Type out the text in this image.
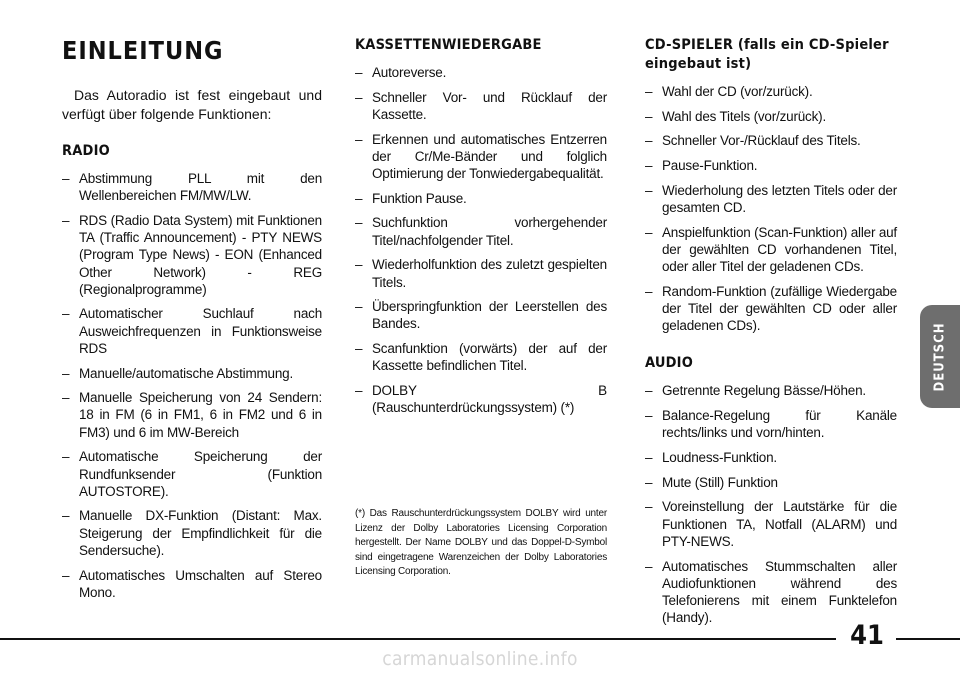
EINLEITUNG

Das Autoradio ist fest eingebaut und verfügt über folgende Funktionen:

RADIO
– Abstimmung PLL mit den Wellenbereichen FM/MW/LW.
– RDS (Radio Data System) mit Funktionen TA (Traffic Announcement) - PTY NEWS (Program Type News) - EON (Enhanced Other Network) - REG (Regionalprogramme)
– Automatischer Suchlauf nach Ausweichfrequenzen in Funktionsweise RDS
– Manuelle/automatische Abstimmung.
– Manuelle Speicherung von 24 Sendern: 18 in FM (6 in FM1, 6 in FM2 und 6 in FM3) und 6 im MW-Bereich
– Automatische Speicherung der Rundfunksender (Funktion AUTOSTORE).
– Manuelle DX-Funktion (Distant: Max. Steigerung der Empfindlichkeit für die Sendersuche).
– Automatisches Umschalten auf Stereo Mono.
KASSETTENWIEDERGABE
– Autoreverse.
– Schneller Vor- und Rücklauf der Kassette.
– Erkennen und automatisches Entzerren der Cr/Me-Bänder und folglich Optimierung der Tonwiedergabequalität.
– Funktion Pause.
– Suchfunktion vorhergehender Titel/nachfolgender Titel.
– Wiederholfunktion des zuletzt gespielten Titels.
– Überspringfunktion der Leerstellen des Bandes.
– Scanfunktion (vorwärts) der auf der Kassette befindlichen Titel.
– DOLBY B (Rauschunterdrückungssystem) (*)
(*) Das Rauschunterdrückungssystem DOLBY wird unter Lizenz der Dolby Laboratories Licensing Corporation hergestellt. Der Name DOLBY und das Doppel-D-Symbol sind eingetragene Warenzeichen der Dolby Laboratories Licensing Corporation.
CD-SPIELER (falls ein CD-Spieler eingebaut ist)
– Wahl der CD (vor/zurück).
– Wahl des Titels (vor/zurück).
– Schneller Vor-/Rücklauf des Titels.
– Pause-Funktion.
– Wiederholung des letzten Titels oder der gesamten CD.
– Anspielfunktion (Scan-Funktion) aller auf der gewählten CD vorhandenen Titel, oder aller Titel der geladenen CDs.
– Random-Funktion (zufällige Wiedergabe der Titel der gewählten CD oder aller geladenen CDs).
AUDIO
– Getrennte Regelung Bässe/Höhen.
– Balance-Regelung für Kanäle rechts/links und vorn/hinten.
– Loudness-Funktion.
– Mute (Still) Funktion
– Voreinstellung der Lautstärke für die Funktionen TA, Notfall (ALARM) und PTY-NEWS.
– Automatisches Stummschalten aller Audiofunktionen während des Telefonierens mit einem Funktelefon (Handy).
DEUTSCH
41
carmanualsonline.info
